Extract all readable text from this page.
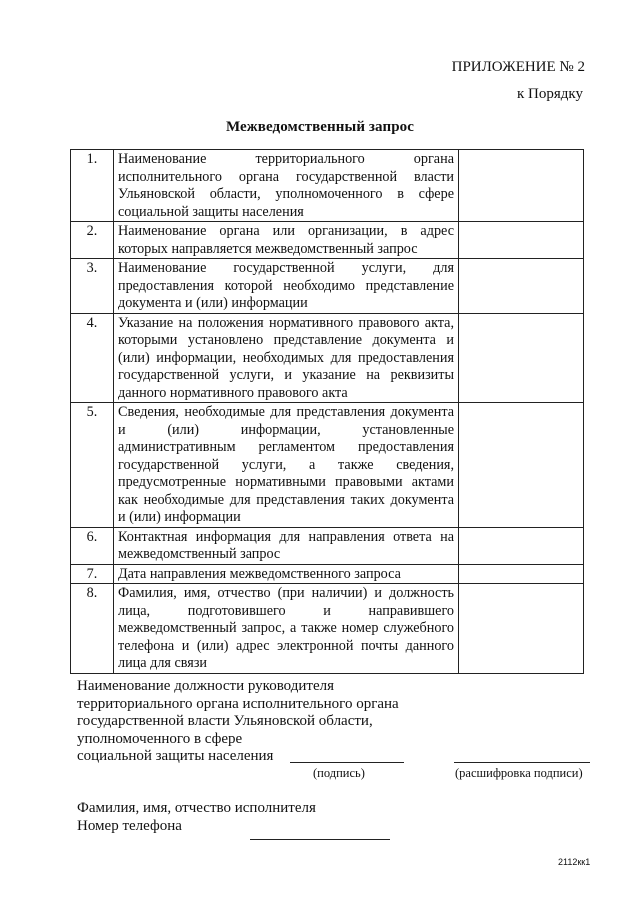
ПРИЛОЖЕНИЕ № 2
к Порядку
Межведомственный запрос
1.	Наименование территориального органа исполнительного органа государственной власти Ульяновской области, уполномоченного в сфере социальной защиты населения	
2.	Наименование органа или организации, в адрес которых направляется межведомственный запрос	
3.	Наименование государственной услуги, для предоставления которой необходимо представление документа и (или) информации	
4.	Указание на положения нормативного правового акта, которыми установлено представление документа и (или) информации, необходимых для предоставления государственной услуги, и указание на реквизиты данного нормативного правового акта	
5.	Сведения, необходимые для представления документа и (или) информации, установленные административным регламентом предоставления государственной услуги, а также сведения, предусмотренные нормативными правовыми актами как необходимые для представления таких документа и (или) информации	
6.	Контактная информация для направления ответа на межведомственный запрос	
7.	Дата направления межведомственного запроса	
8.	Фамилия, имя, отчество (при наличии) и должность лица, подготовившего и направившего межведомственный запрос, а также номер служебного телефона и (или) адрес электронной почты данного лица для связи	
Наименование должности руководителя
территориального органа исполнительного органа
государственной власти Ульяновской области,
уполномоченного в сфере
социальной защиты населения
(подпись)	(расшифровка подписи)
Фамилия, имя, отчество исполнителя
Номер телефона
2112кк1
